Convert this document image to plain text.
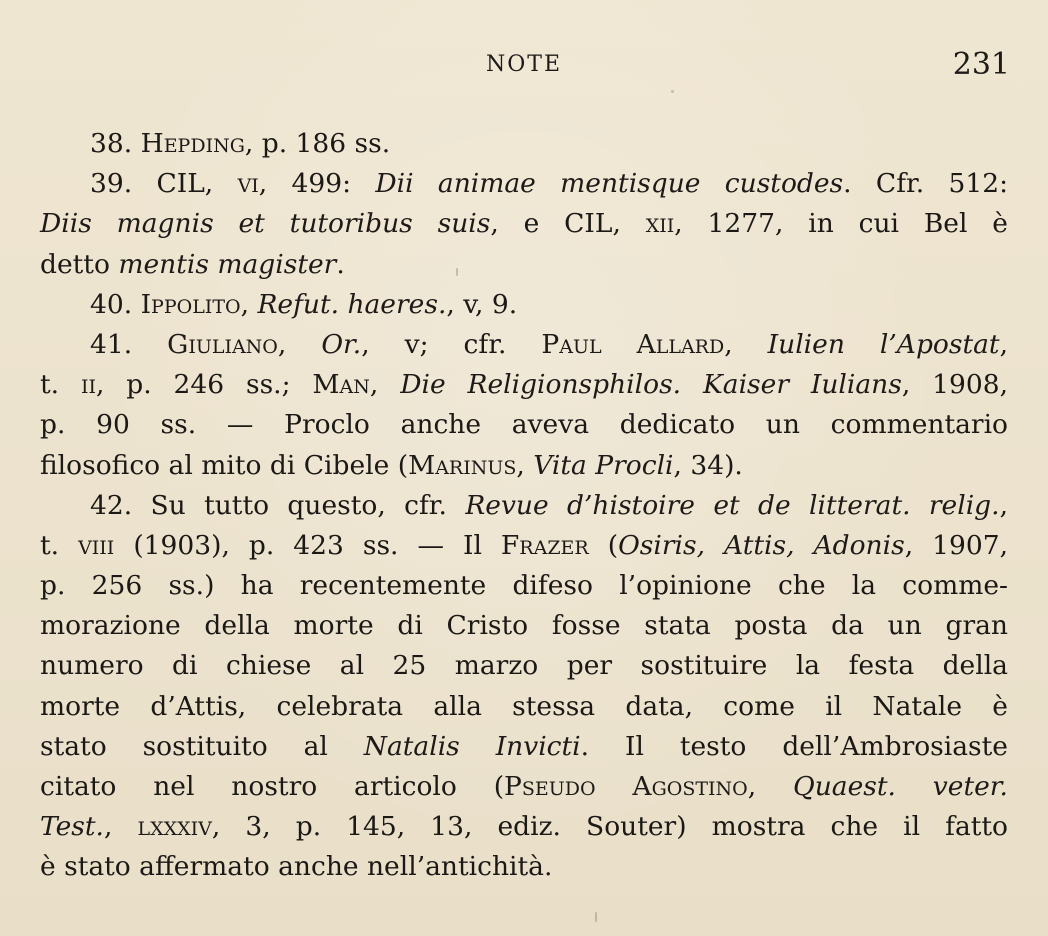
NOTE	231
38. Hepding, p. 186 ss.
39. CIL, vi, 499: Dii animae mentisque custodes. Cfr. 512:
Diis magnis et tutoribus suis, e CIL, xii, 1277, in cui Bel è
detto mentis magister.
40. Ippolito, Refut. haeres., v, 9.
41. Giuliano, Or., v; cfr. Paul Allard, Iulien l’Apostat,
t. ii, p. 246 ss.; Man, Die Religionsphilos. Kaiser Iulians, 1908,
p. 90 ss. — Proclo anche aveva dedicato un commentario
filosofico al mito di Cibele (Marinus, Vita Procli, 34).
42. Su tutto questo, cfr. Revue d’histoire et de litterat. relig.,
t. viii (1903), p. 423 ss. — Il Frazer (Osiris, Attis, Adonis, 1907,
p. 256 ss.) ha recentemente difeso l’opinione che la comme-
morazione della morte di Cristo fosse stata posta da un gran
numero di chiese al 25 marzo per sostituire la festa della
morte d’Attis, celebrata alla stessa data, come il Natale è
stato sostituito al Natalis Invicti. Il testo dell’Ambrosiaste
citato nel nostro articolo (Pseudo Agostino, Quaest. veter.
Test., lxxxiv, 3, p. 145, 13, ediz. Souter) mostra che il fatto
è stato affermato anche nell’antichità.
